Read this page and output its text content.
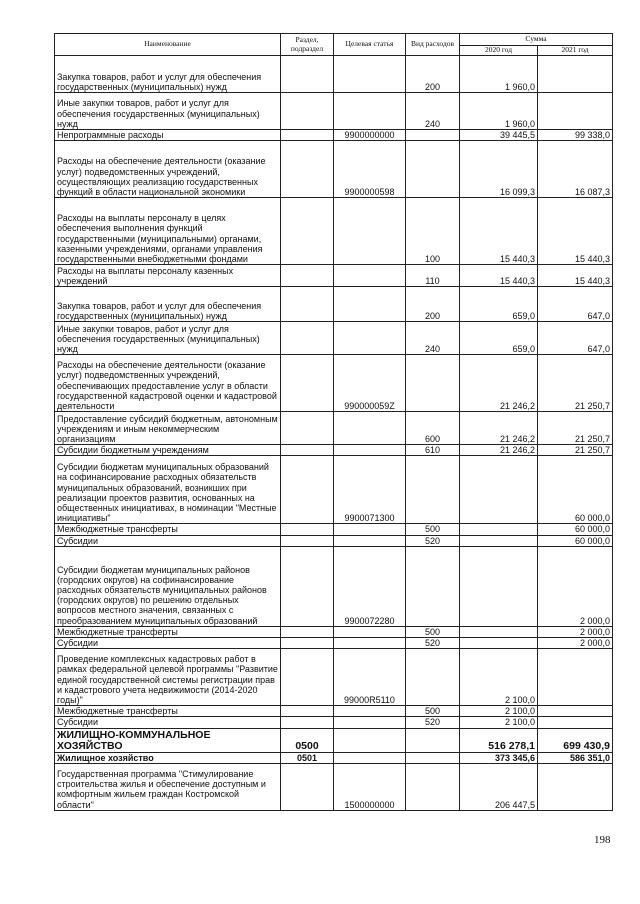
Наименование	Раздел, подраздел	Целевая статья	Вид расходов	Сумма	
				2020 год	2021 год
Закупка товаров, работ и услуг для обеспечения государственных (муниципальных) нужд			200	1 960,0	
Иные закупки товаров, работ и услуг для обеспечения государственных (муниципальных) нужд			240	1 960,0	
Непрограммные расходы		9900000000		39 445,5	99 338,0
Расходы на обеспечение деятельности (оказание услуг) подведомственных учреждений, осуществляющих реализацию государственных функций в области национальной экономики		9900000598		16 099,3	16 087,3
Расходы на выплаты персоналу в целях обеспечения выполнения функций государственными (муниципальными) органами, казенными учреждениями, органами управления государственными внебюджетными фондами			100	15 440,3	15 440,3
Расходы на выплаты персоналу казенных учреждений			110	15 440,3	15 440,3
Закупка товаров, работ и услуг для обеспечения государственных (муниципальных) нужд			200	659,0	647,0
Иные закупки товаров, работ и услуг для обеспечения государственных (муниципальных) нужд			240	659,0	647,0
Расходы на обеспечение деятельности (оказание услуг) подведомственных учреждений, обеспечивающих предоставление услуг в области государственной кадастровой оценки и кадастровой деятельности		990000059Z		21 246,2	21 250,7
Предоставление субсидий бюджетным, автономным учреждениям и иным некоммерческим организациям			600	21 246,2	21 250,7
Субсидии бюджетным учреждениям			610	21 246,2	21 250,7
Субсидии бюджетам муниципальных образований на софинансирование расходных обязательств муниципальных образований, возникших при реализации проектов развития, основанных на общественных инициативах, в номинации "Местные инициативы"		9900071300			60 000,0
Межбюджетные трансферты			500		60 000,0
Субсидии			520		60 000,0
Субсидии бюджетам муниципальных районов (городских округов) на софинансирование расходных обязательств муниципальных районов (городских округов) по решению отдельных вопросов местного значения, связанных с преобразованием муниципальных образований		9900072280			2 000,0
Межбюджетные трансферты			500		2 000,0
Субсидии			520		2 000,0
Проведение комплексных кадастровых работ в рамках федеральной целевой программы "Развитие единой государственной системы регистрации прав и кадастрового учета недвижимости (2014-2020 годы)"		99000R5110		2 100,0	
Межбюджетные трансферты			500	2 100,0	
Субсидии			520	2 100,0	
ЖИЛИЩНО-КОММУНАЛЬНОЕ ХОЗЯЙСТВО	0500			516 278,1	699 430,9
Жилищное хозяйство	0501			373 345,6	586 351,0
Государственная программа "Стимулирование строительства жилья и обеспечение доступным и комфортным жильем граждан Костромской области"		1500000000		206 447,5	
198
